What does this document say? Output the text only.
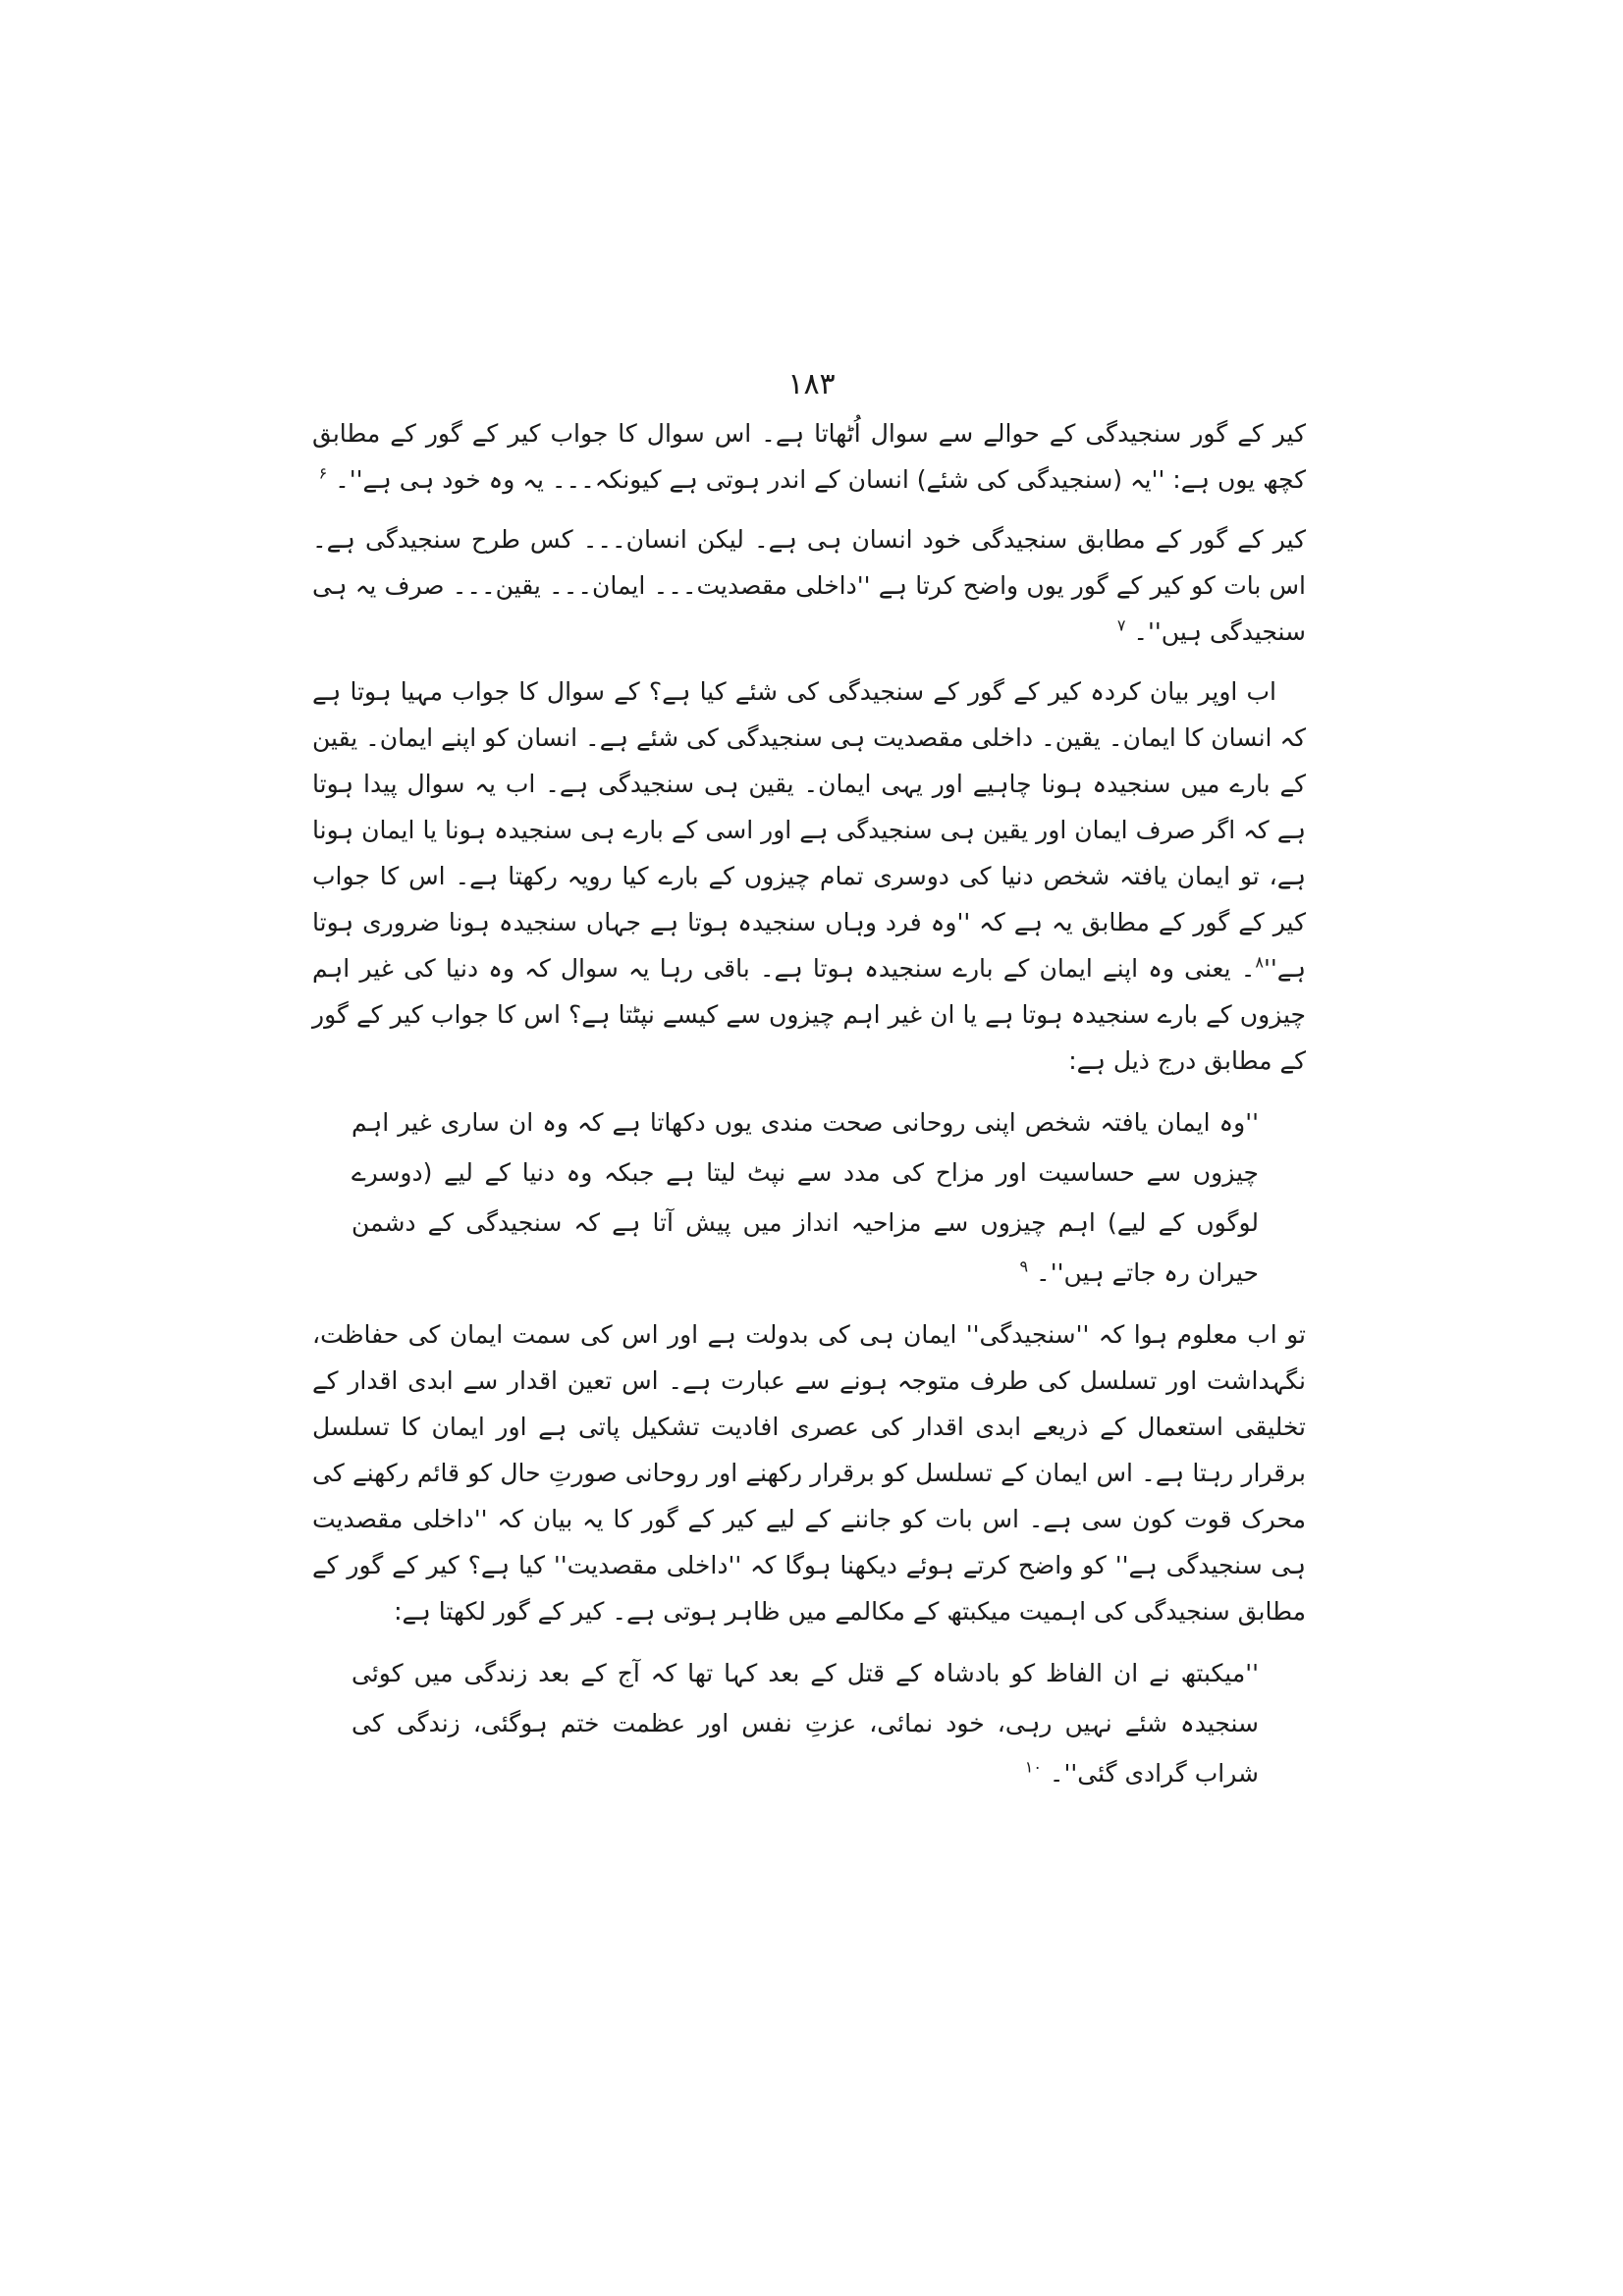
۱۸۳

کیر کے گور سنجیدگی کے حوالے سے سوال اُٹھاتا ہے۔ اس سوال کا جواب کیر کے گور کے مطابق کچھ یوں ہے: ''یہ (سنجیدگی کی شئے) انسان کے اندر ہوتی ہے کیونکہ۔۔۔ یہ وہ خود ہی ہے''۔ $^۶$

کیر کے گور کے مطابق سنجیدگی خود انسان ہی ہے۔ لیکن انسان۔۔۔ کس طرح سنجیدگی ہے۔ اس بات کو کیر کے گور یوں واضح کرتا ہے ''داخلی مقصدیت۔۔۔ ایمان۔۔۔ یقین۔۔۔ صرف یہ ہی سنجیدگی ہیں''۔ $^۷$

اب اوپر بیان کردہ کیر کے گور کے سنجیدگی کی شئے کیا ہے؟ کے سوال کا جواب مہیا ہوتا ہے کہ انسان کا ایمان۔ یقین۔ داخلی مقصدیت ہی سنجیدگی کی شئے ہے۔ انسان کو اپنے ایمان۔ یقین کے بارے میں سنجیدہ ہونا چاہیے اور یہی ایمان۔ یقین ہی سنجیدگی ہے۔ اب یہ سوال پیدا ہوتا ہے کہ اگر صرف ایمان اور یقین ہی سنجیدگی ہے اور اسی کے بارے ہی سنجیدہ ہونا یا ایمان ہونا ہے، تو ایمان یافتہ شخص دنیا کی دوسری تمام چیزوں کے بارے کیا رویہ رکھتا ہے۔ اس کا جواب کیر کے گور کے مطابق یہ ہے کہ ''وہ فرد وہاں سنجیدہ ہوتا ہے جہاں سنجیدہ ہونا ضروری ہوتا ہے''$^۸$۔ یعنی وہ اپنے ایمان کے بارے سنجیدہ ہوتا ہے۔ باقی رہا یہ سوال کہ وہ دنیا کی غیر اہم چیزوں کے بارے سنجیدہ ہوتا ہے یا ان غیر اہم چیزوں سے کیسے نپٹتا ہے؟ اس کا جواب کیر کے گور کے مطابق درج ذیل ہے:

''وہ ایمان یافتہ شخص اپنی روحانی صحت مندی یوں دکھاتا ہے کہ وہ ان ساری غیر اہم چیزوں سے حساسیت اور مزاح کی مدد سے نپٹ لیتا ہے جبکہ وہ دنیا کے لیے (دوسرے لوگوں کے لیے) اہم چیزوں سے مزاحیہ انداز میں پیش آتا ہے کہ سنجیدگی کے دشمن حیران رہ جاتے ہیں''۔ $^۹$

تو اب معلوم ہوا کہ ''سنجیدگی'' ایمان ہی کی بدولت ہے اور اس کی سمت ایمان کی حفاظت، نگہداشت اور تسلسل کی طرف متوجہ ہونے سے عبارت ہے۔ اس تعین اقدار سے ابدی اقدار کے تخلیقی استعمال کے ذریعے ابدی اقدار کی عصری افادیت تشکیل پاتی ہے اور ایمان کا تسلسل برقرار رہتا ہے۔ اس ایمان کے تسلسل کو برقرار رکھنے اور روحانی صورتِ حال کو قائم رکھنے کی محرک قوت کون سی ہے۔ اس بات کو جاننے کے لیے کیر کے گور کا یہ بیان کہ ''داخلی مقصدیت ہی سنجیدگی ہے'' کو واضح کرتے ہوئے دیکھنا ہوگا کہ ''داخلی مقصدیت'' کیا ہے؟ کیر کے گور کے مطابق سنجیدگی کی اہمیت میکبتھ کے مکالمے میں ظاہر ہوتی ہے۔ کیر کے گور لکھتا ہے:

''میکبتھ نے ان الفاظ کو بادشاہ کے قتل کے بعد کہا تھا کہ آج کے بعد زندگی میں کوئی سنجیدہ شئے نہیں رہی، خود نمائی، عزتِ نفس اور عظمت ختم ہوگئی، زندگی کی شراب گرادی گئی''۔ $^{۱۰}$
